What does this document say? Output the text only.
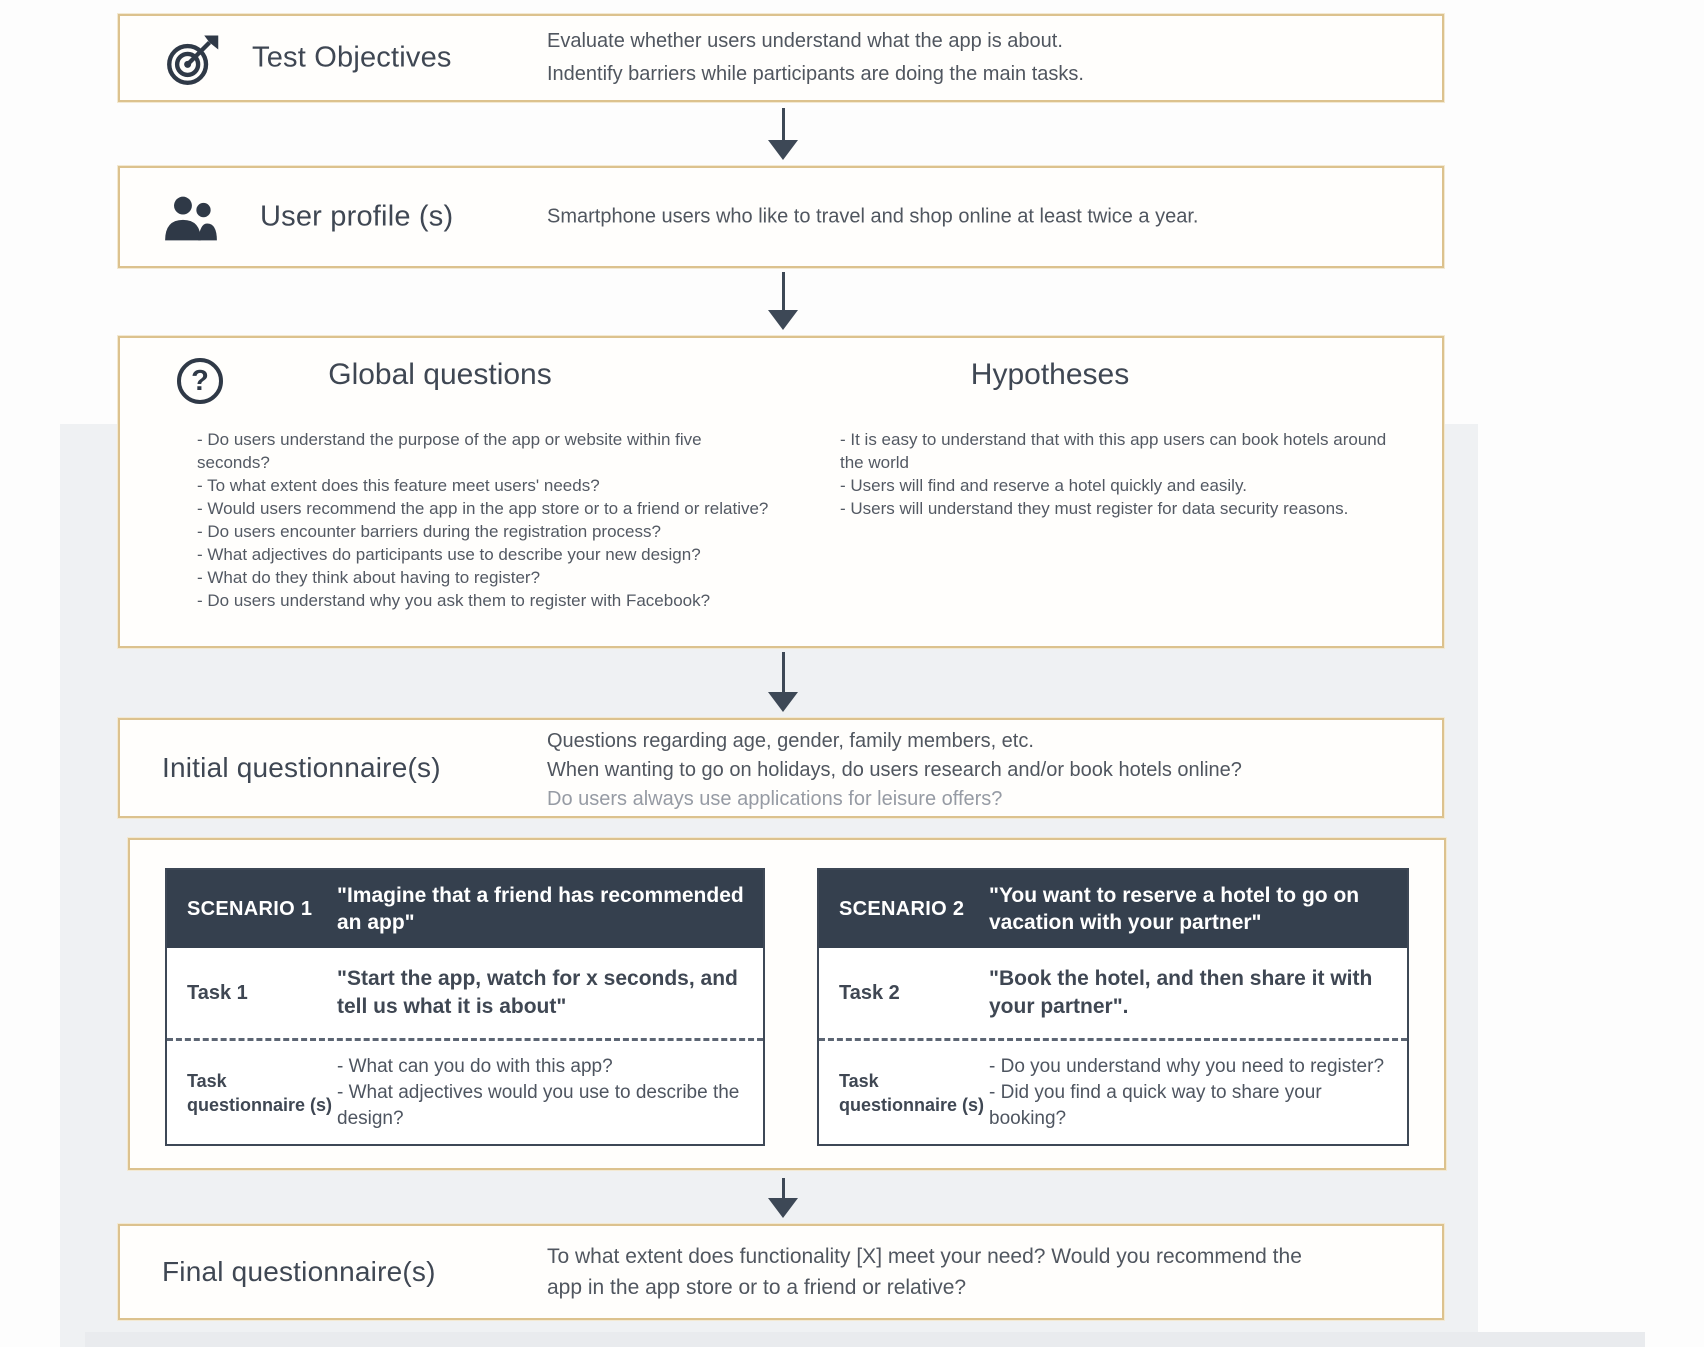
Test Objectives
Evaluate whether users understand what the app is about.
Indentify barriers while participants are doing the main tasks.
User profile (s)	Smartphone users who like to travel and shop online at least twice a year.
?	Global questions	Hypotheses
- Do users understand the purpose of the app or website within five seconds?
- To what extent does this feature meet users' needs?
- Would users recommend the app in the app store or to a friend or relative?
- Do users encounter barriers during the registration process?
- What adjectives do participants use to describe your new design?
- What do they think about having to register?
- Do users understand why you ask them to register with Facebook?
- It is easy to understand that with this app users can book hotels around the world
- Users will find and reserve a hotel quickly and easily.
- Users will understand they must register for data security reasons.
Initial questionnaire(s)
Questions regarding age, gender, family members, etc.
When wanting to go on holidays, do users research and/or book hotels online?
Do users always use applications for leisure offers?
SCENARIO 1
"Imagine that a friend has recommended an app"
Task 1
"Start the app, watch for x seconds, and tell us what it is about"
Task questionnaire (s)
- What can you do with this app?
- What adjectives would you use to describe the design?
SCENARIO 2
"You want to reserve a hotel to go on vacation with your partner"
Task 2
"Book the hotel, and then share it with your partner".
Task questionnaire (s)
- Do you understand why you need to register?
- Did you find a quick way to share your booking?
Final questionnaire(s)	To what extent does functionality [X] meet your need? Would you recommend the app in the app store or to a friend or relative?
